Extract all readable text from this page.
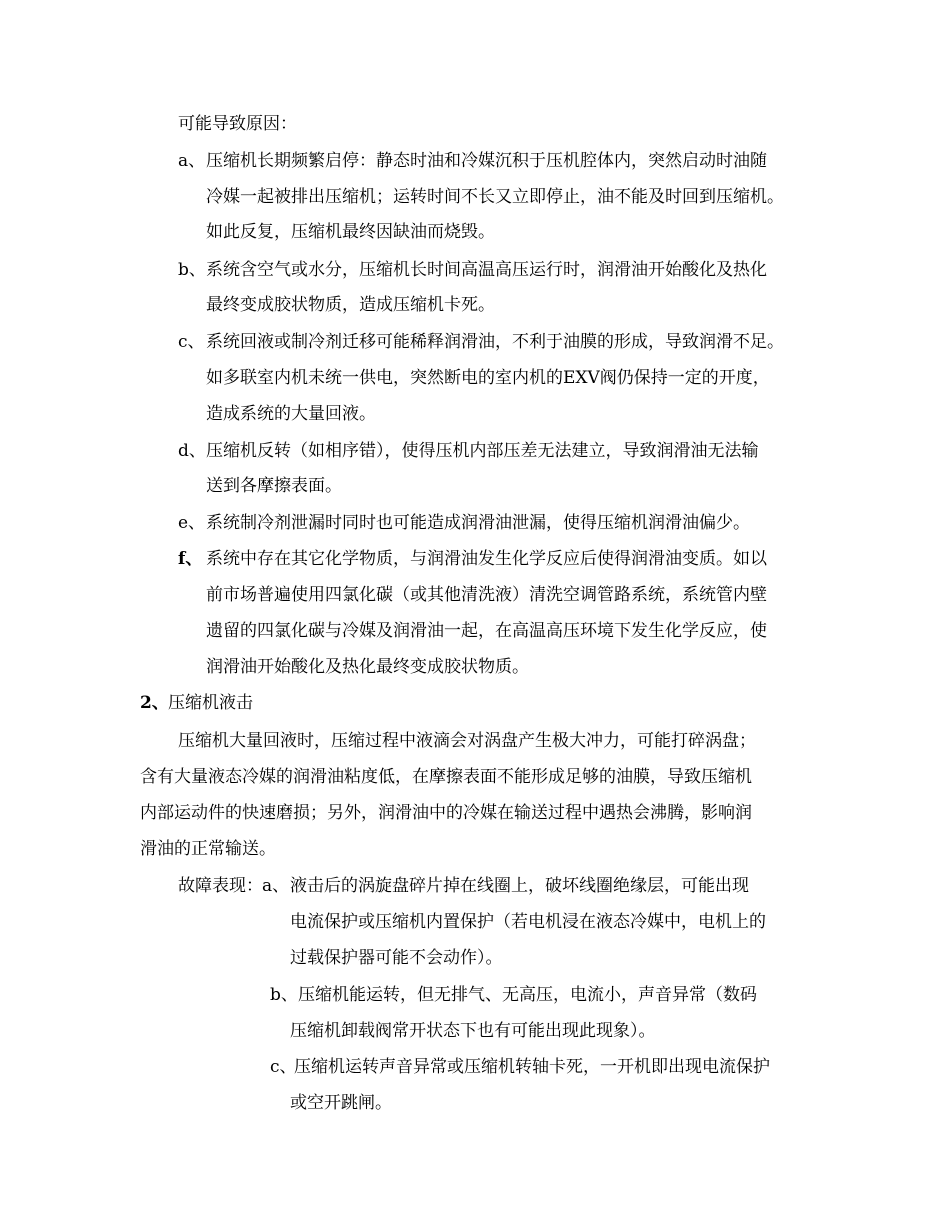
可能导致原因：
a、 压缩机长期频繁启停：静态时油和冷媒沉积于压机腔体内，突然启动时油随
冷媒一起被排出压缩机；运转时间不长又立即停止，油不能及时回到压缩机。
如此反复，压缩机最终因缺油而烧毁。
b、 系统含空气或水分，压缩机长时间高温高压运行时，润滑油开始酸化及热化
最终变成胶状物质，造成压缩机卡死。
c、 系统回液或制冷剂迁移可能稀释润滑油，不利于油膜的形成，导致润滑不足。
如多联室内机未统一供电，突然断电的室内机的EXV阀仍保持一定的开度，
造成系统的大量回液。
d、 压缩机反转（如相序错），使得压机内部压差无法建立，导致润滑油无法输
送到各摩擦表面。
e、 系统制冷剂泄漏时同时也可能造成润滑油泄漏，使得压缩机润滑油偏少。
f、 系统中存在其它化学物质，与润滑油发生化学反应后使得润滑油变质。如以
前市场普遍使用四氯化碳（或其他清洗液）清洗空调管路系统，系统管内壁
遗留的四氯化碳与冷媒及润滑油一起，在高温高压环境下发生化学反应，使
润滑油开始酸化及热化最终变成胶状物质。
2、 压缩机液击
压缩机大量回液时，压缩过程中液滴会对涡盘产生极大冲力，可能打碎涡盘；
含有大量液态冷媒的润滑油粘度低，在摩擦表面不能形成足够的油膜，导致压缩机
内部运动件的快速磨损；另外，润滑油中的冷媒在输送过程中遇热会沸腾，影响润
滑油的正常输送。
故障表现： a、 液击后的涡旋盘碎片掉在线圈上，破坏线圈绝缘层，可能出现
电流保护或压缩机内置保护（若电机浸在液态冷媒中，电机上的
过载保护器可能不会动作）。
b、 压缩机能运转，但无排气、无高压，电流小，声音异常（数码
压缩机卸载阀常开状态下也有可能出现此现象）。
c、
压缩机运转声音异常或压缩机转轴卡死，一开机即出现电流保护
或空开跳闸。
